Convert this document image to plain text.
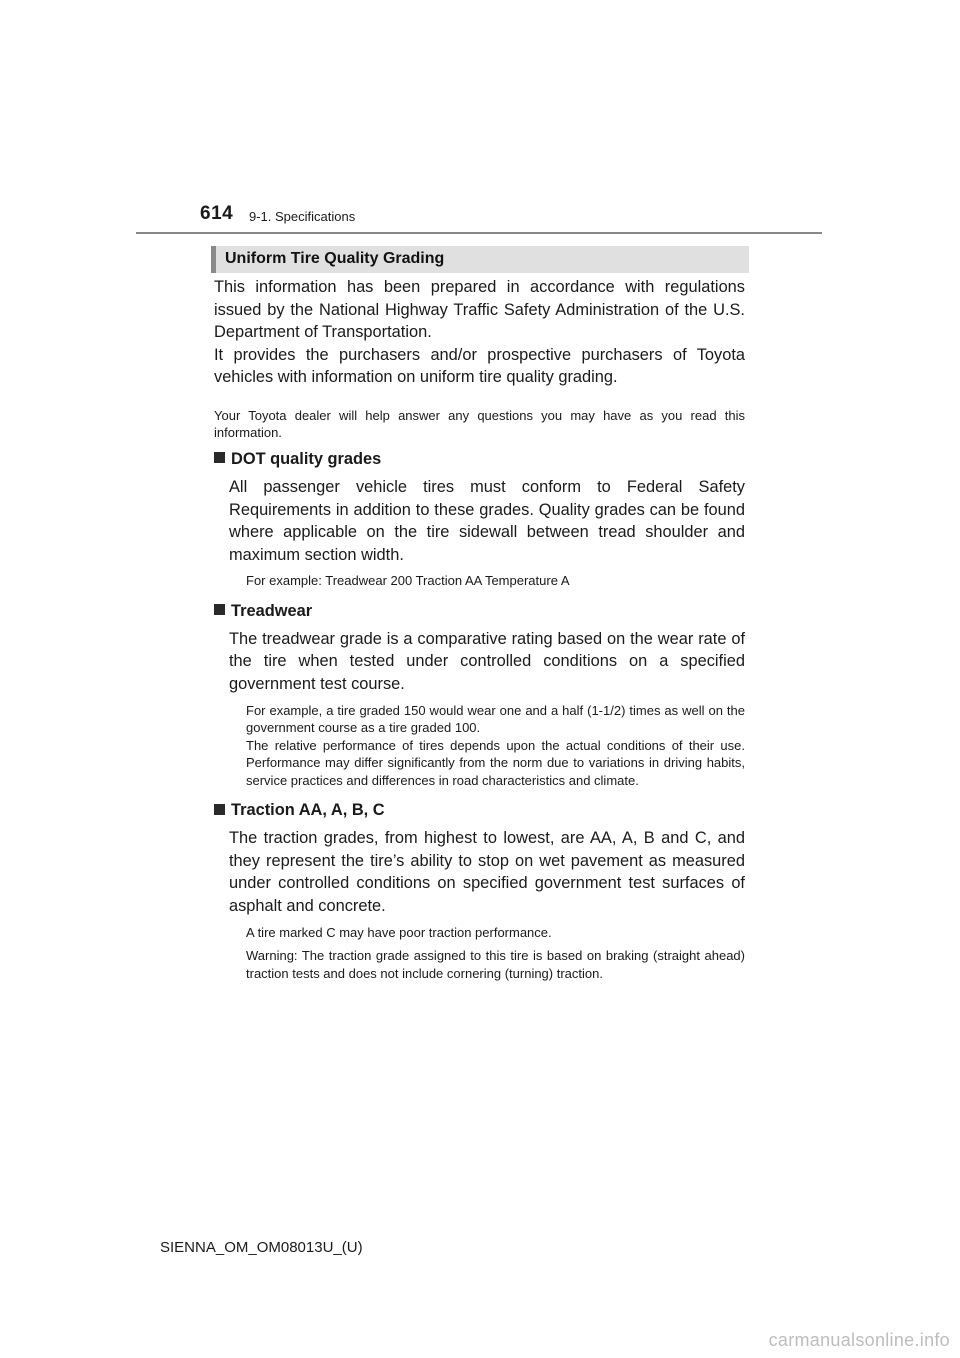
614 9-1. Specifications
Uniform Tire Quality Grading

This information has been prepared in accordance with regulations issued by the National Highway Traffic Safety Administration of the U.S. Department of Transportation.

It provides the purchasers and/or prospective purchasers of Toyota vehicles with information on uniform tire quality grading.

Your Toyota dealer will help answer any questions you may have as you read this information.

DOT quality grades

All passenger vehicle tires must conform to Federal Safety Requirements in addition to these grades. Quality grades can be found where applicable on the tire sidewall between tread shoulder and maximum section width.

For example: Treadwear 200 Traction AA Temperature A

Treadwear

The treadwear grade is a comparative rating based on the wear rate of the tire when tested under controlled conditions on a specified government test course.

For example, a tire graded 150 would wear one and a half (1-1/2) times as well on the government course as a tire graded 100.

The relative performance of tires depends upon the actual conditions of their use. Performance may differ significantly from the norm due to variations in driving habits, service practices and differences in road characteristics and climate.

Traction AA, A, B, C

The traction grades, from highest to lowest, are AA, A, B and C, and they represent the tire’s ability to stop on wet pavement as measured under controlled conditions on specified government test surfaces of asphalt and concrete.

A tire marked C may have poor traction performance.

Warning: The traction grade assigned to this tire is based on braking (straight ahead) traction tests and does not include cornering (turning) traction.

SIENNA_OM_OM08013U_(U)
carmanualsonline.info
